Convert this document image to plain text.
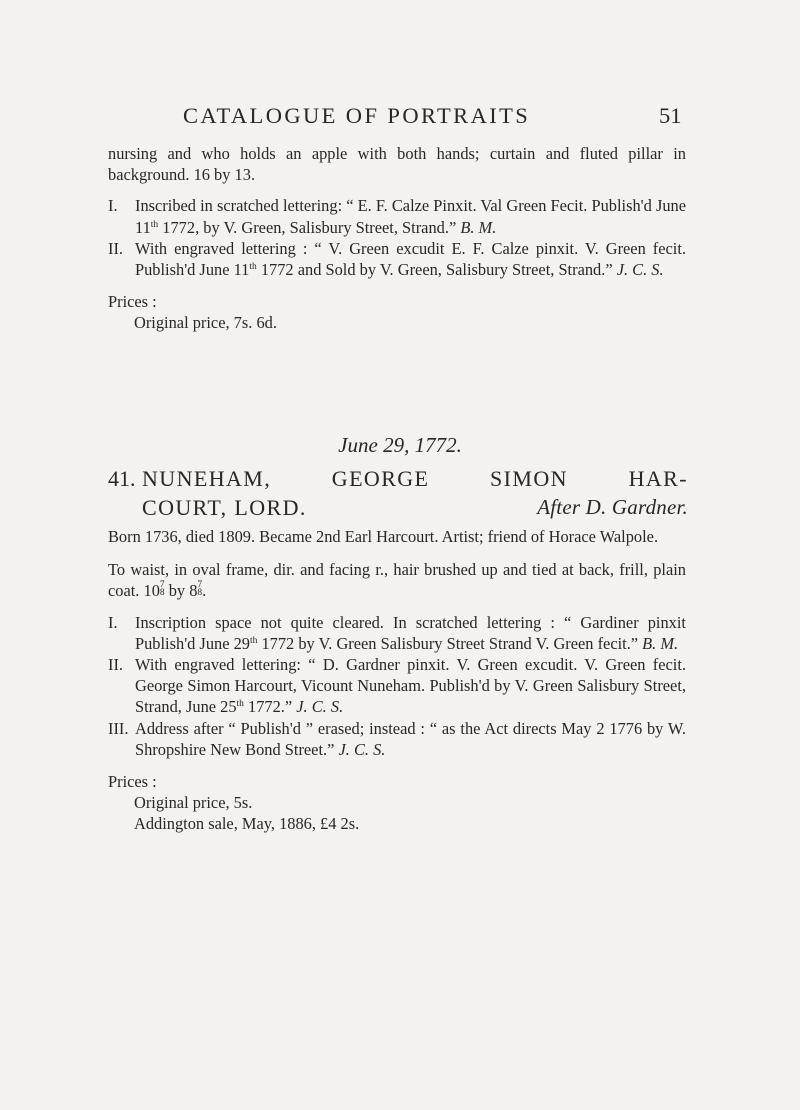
CATALOGUE OF PORTRAITS	51

nursing and who holds an apple with both hands; curtain and fluted pillar in background. 16 by 13.

I.	Inscribed in scratched lettering: “ E. F. Calze Pinxit. Val Green Fecit. Publish'd June 11th 1772, by V. Green, Salisbury Street, Strand.” B. M.
II. With engraved lettering : “ V. Green excudit E. F. Calze pinxit. V. Green fecit. Publish'd June 11th 1772 and Sold by V. Green, Salisbury Street, Strand.” J. C. S.
Prices :
Original price, 7s. 6d.
June 29, 1772.
41. NUNEHAM,	GEORGE	SIMON	HAR-
COURT, LORD.	After D. Gardner.

Born 1736, died 1809. Became 2nd Earl Harcourt. Artist; friend of Horace Walpole.

To waist, in oval frame, dir. and facing r., hair brushed up and tied at back, frill, plain coat. 10 7
8 by 8 7
8 .

I.	Inscription space not quite cleared. In scratched lettering : “ Gardiner pinxit Publish'd June 29th 1772 by V. Green Salisbury Street Strand V. Green fecit.” B. M.
II. With engraved lettering: “ D. Gardner pinxit. V. Green excudit. V. Green fecit. George Simon Harcourt, Vicount Nuneham. Publish'd by V. Green Salisbury Street, Strand, June 25th 1772.” J. C. S.
III. Address after “ Publish'd ” erased; instead : “ as the Act directs May 2 1776 by W. Shropshire New Bond Street.” J. C. S.
Prices :
Original price, 5s.
Addington sale, May, 1886, £4 2s.
